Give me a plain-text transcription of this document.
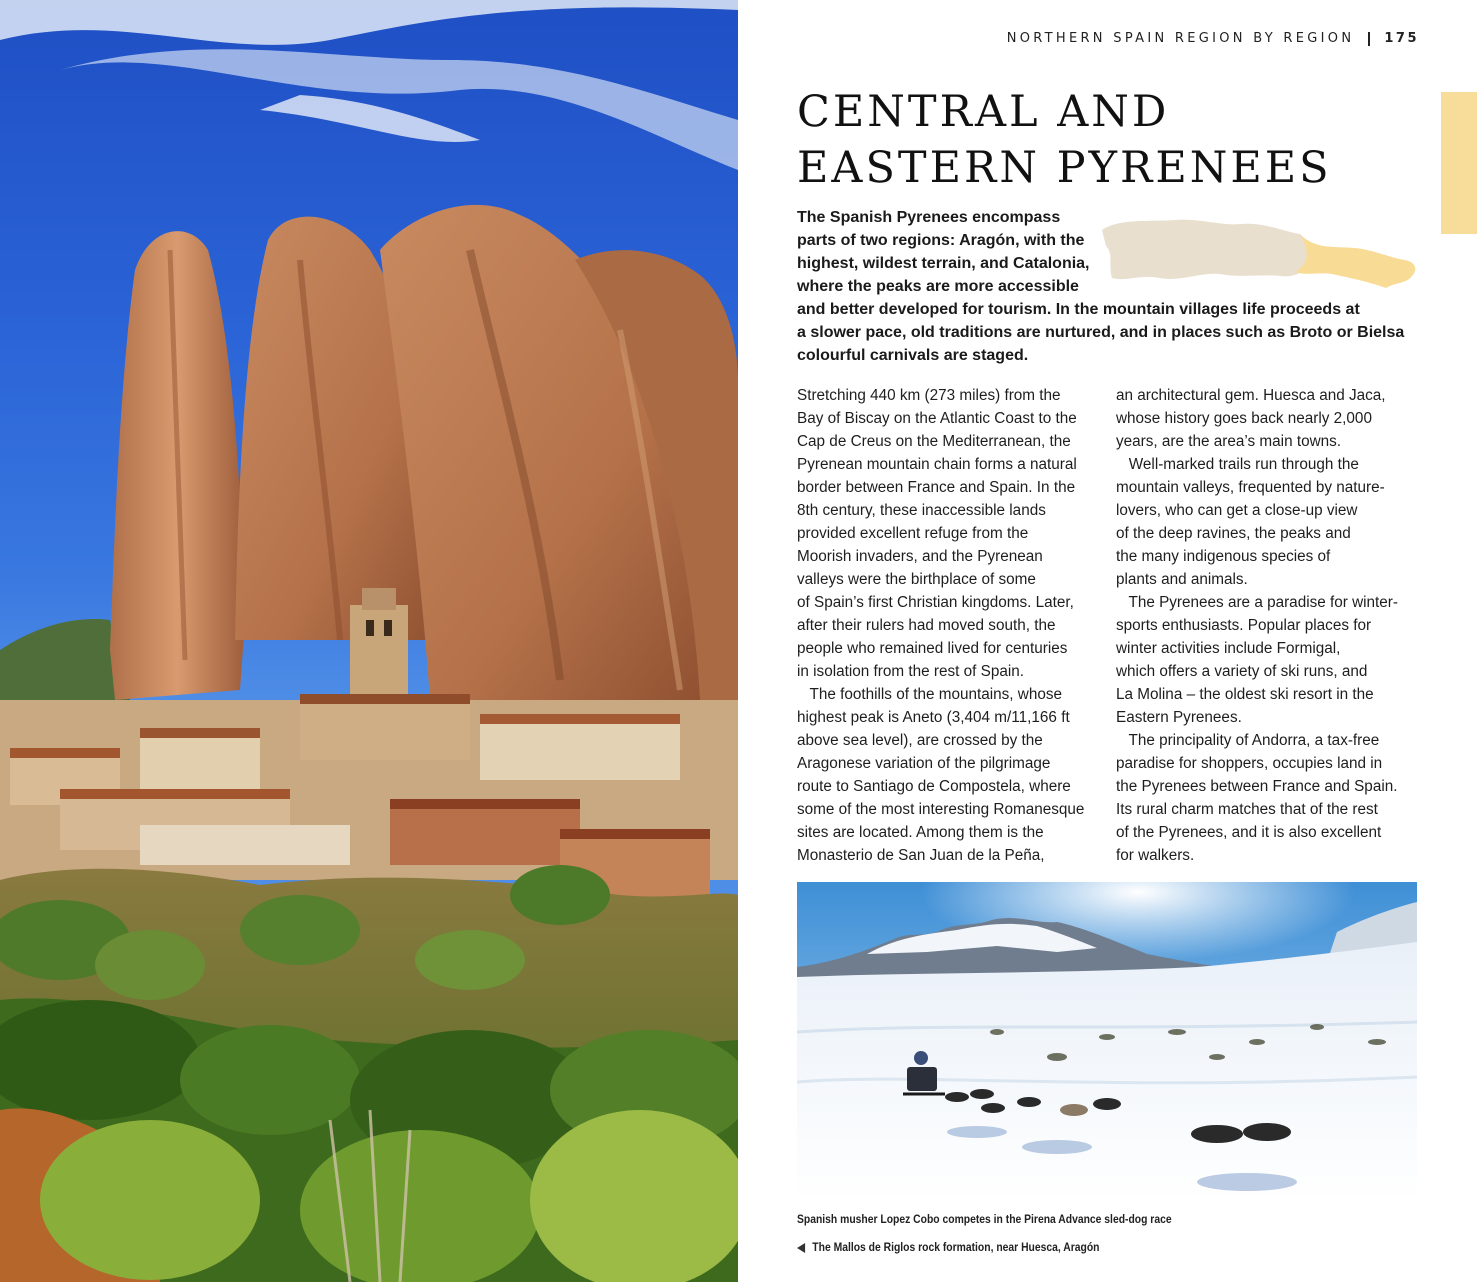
NORTHERN SPAIN REGION BY REGION 175
CENTRAL AND
EASTERN PYRENEES

The Spanish Pyrenees encompass
parts of two regions: Aragón, with the
highest, wildest terrain, and Catalonia,
where the peaks are more accessible
and better developed for tourism. In the mountain villages life proceeds at
a slower pace, old traditions are nurtured, and in places such as Broto or Bielsa
colourful carnivals are staged.

Stretching 440 km (273 miles) from the
Bay of Biscay on the Atlantic Coast to the
Cap de Creus on the Mediterranean, the
Pyrenean mountain chain forms a natural
border between France and Spain. In the
8th century, these inaccessible lands
provided excellent refuge from the
Moorish invaders, and the Pyrenean
valleys were the birthplace of some
of Spain’s first Christian kingdoms. Later,
after their rulers had moved south, the
people who remained lived for centuries
in isolation from the rest of Spain.
The foothills of the mountains, whose
highest peak is Aneto (3,404 m/11,166 ft
above sea level), are crossed by the
Aragonese variation of the pilgrimage
route to Santiago de Compostela, where
some of the most interesting Romanesque
sites are located. Among them is the
Monasterio de San Juan de la Peña,
an architectural gem. Huesca and Jaca,
whose history goes back nearly 2,000
years, are the area’s main towns.
Well-marked trails run through the
mountain valleys, frequented by nature-
lovers, who can get a close-up view
of the deep ravines, the peaks and
the many indigenous species of
plants and animals.
The Pyrenees are a paradise for winter-
sports enthusiasts. Popular places for
winter activities include Formigal,
which offers a variety of ski runs, and
La Molina – the oldest ski resort in the
Eastern Pyrenees.
The principality of Andorra, a tax-free
paradise for shoppers, occupies land in
the Pyrenees between France and Spain.
Its rural charm matches that of the rest
of the Pyrenees, and it is also excellent
for walkers.

Spanish musher Lopez Cobo competes in the Pirena Advance sled-dog race

The Mallos de Riglos rock formation, near Huesca, Aragón
